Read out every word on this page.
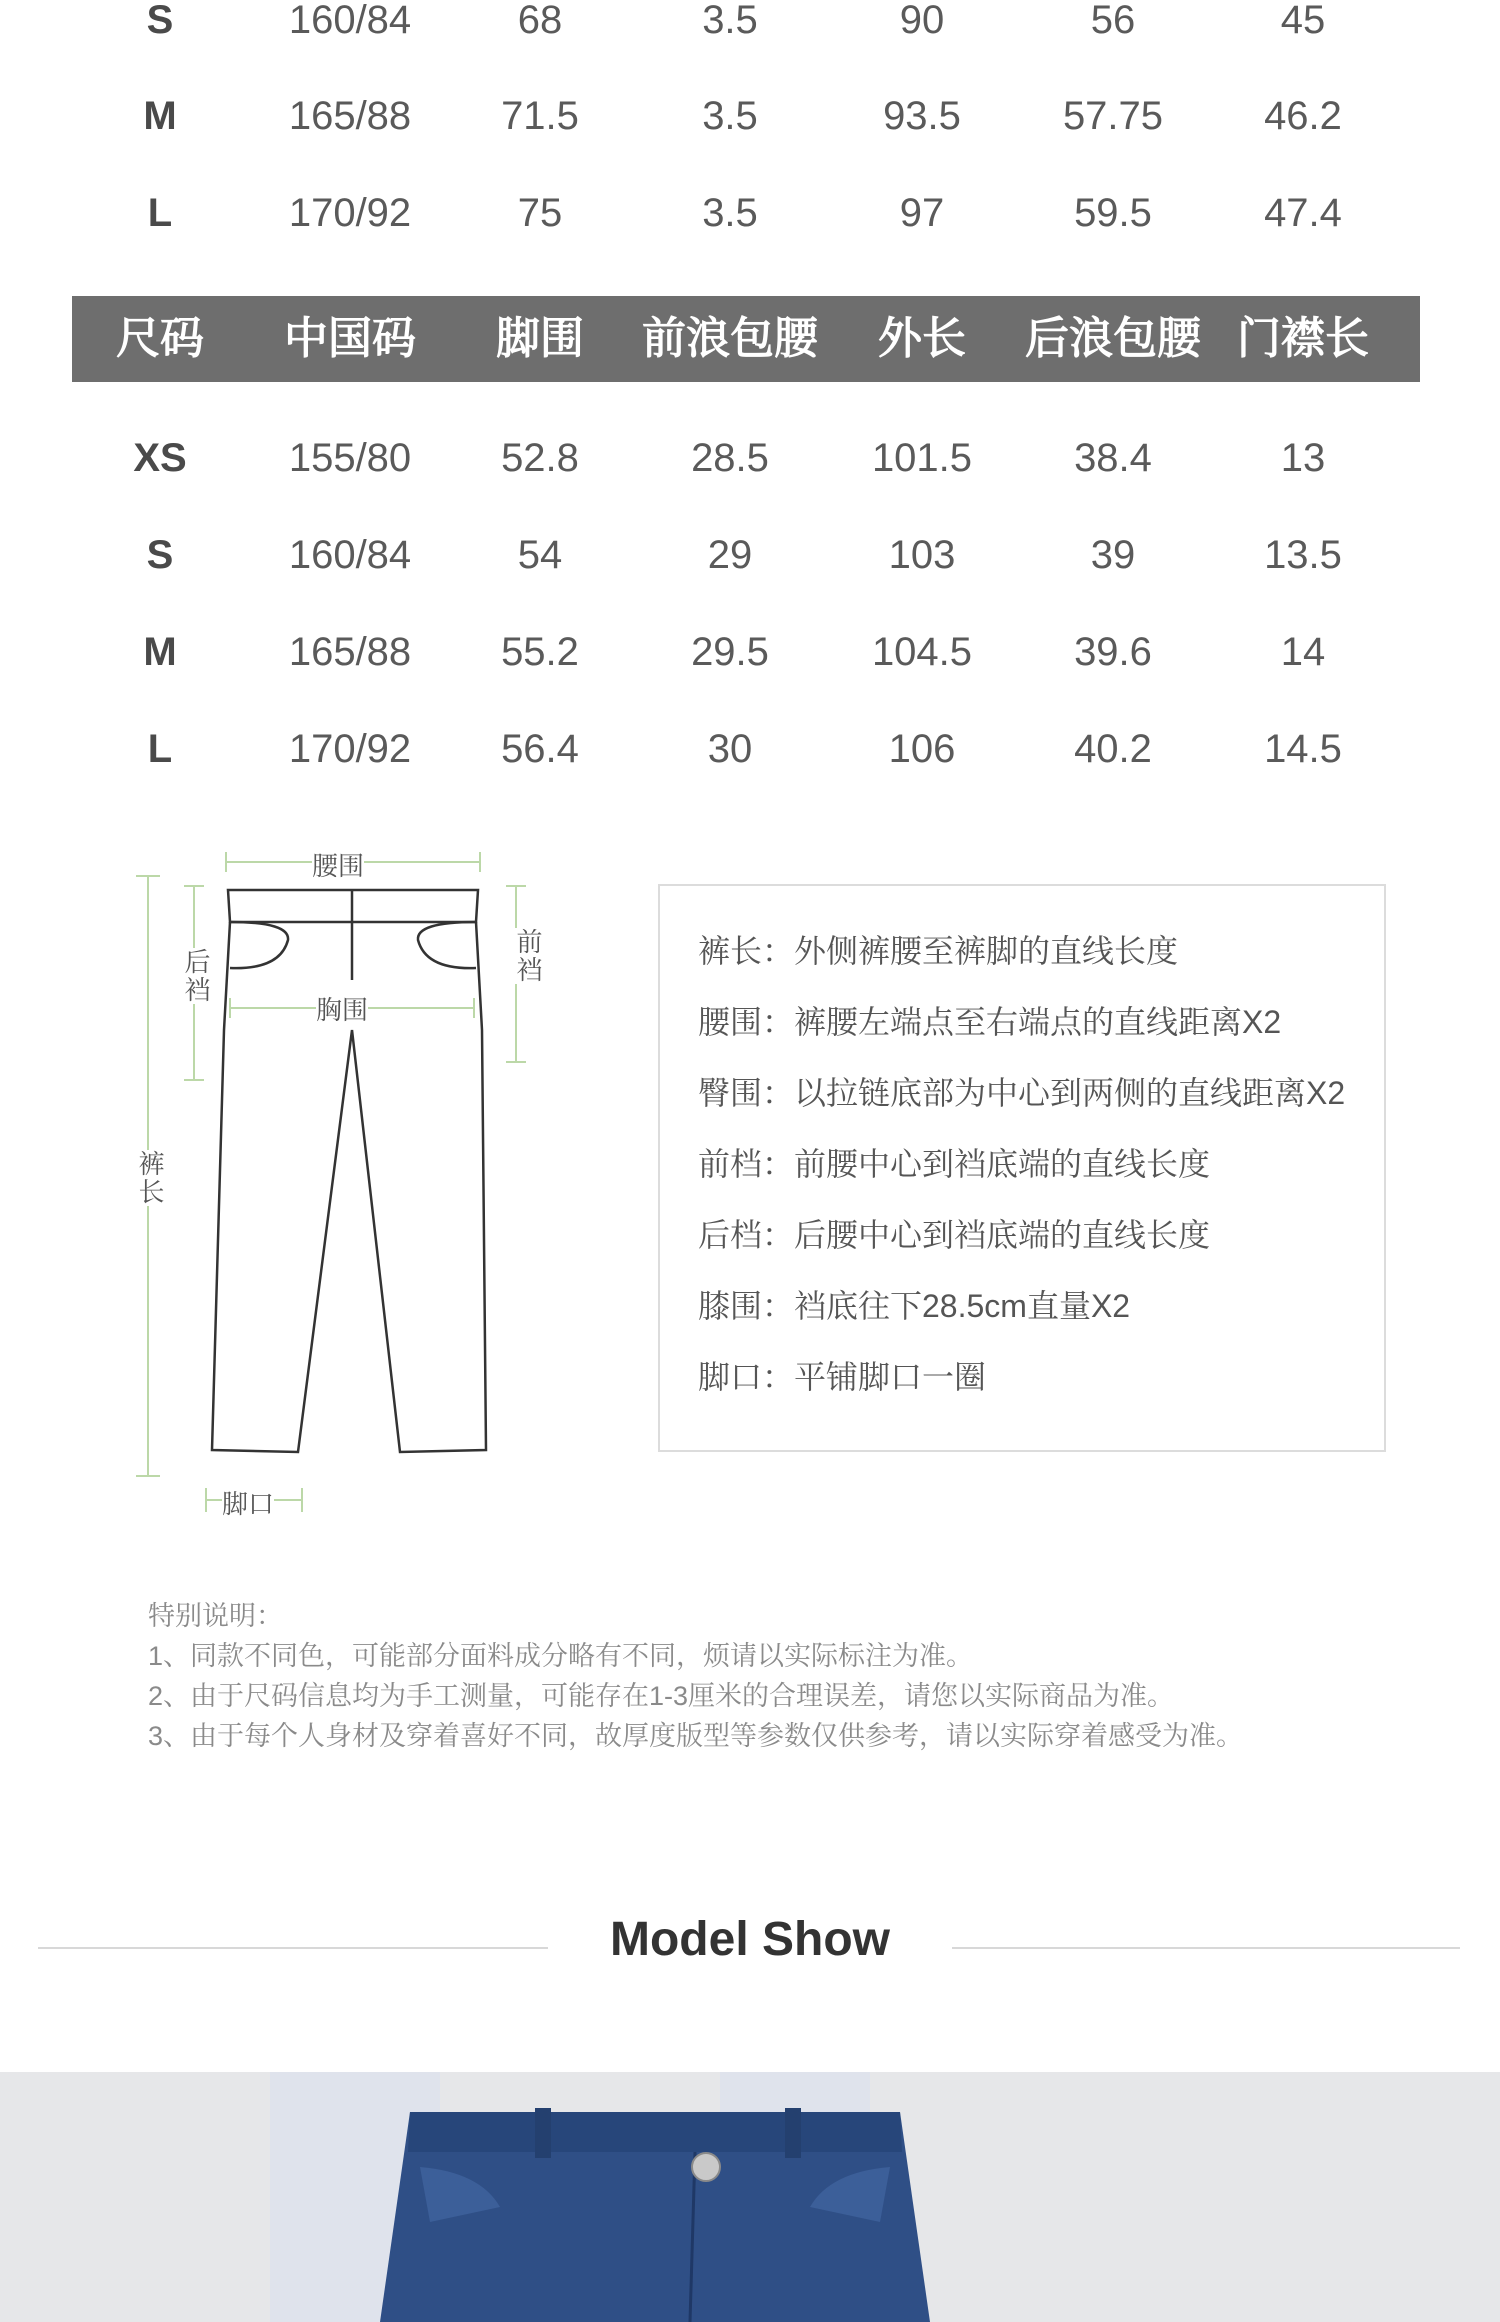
S	160/84	68	3.5	90	56	45
M	165/88	71.5	3.5	93.5	57.75	46.2
L	170/92	75	3.5	97	59.5	47.4
尺码	中国码	脚围	前浪包腰	外长	后浪包腰 门襟长
XS	155/80	52.8	28.5	101.5	38.4	13
S	160/84	54	29	103	39	13.5
M	165/88	55.2	29.5	104.5	39.6	14
L	170/92	56.4	30	106	40.2	14.5
腰围
胸围
后裆	前裆
裤长
脚口
裤长：外侧裤腰至裤脚的直线长度
腰围：裤腰左端点至右端点的直线距离X2
臀围：以拉链底部为中心到两侧的直线距离X2
前档：前腰中心到裆底端的直线长度
后档：后腰中心到裆底端的直线长度
膝围：裆底往下28.5cm直量X2
脚口：平铺脚口一圈
特别说明：
1、同款不同色，可能部分面料成分略有不同，烦请以实际标注为准。
2、由于尺码信息均为手工测量，可能存在1-3厘米的合理误差，请您以实际商品为准。
3、由于每个人身材及穿着喜好不同，故厚度版型等参数仅供参考，请以实际穿着感受为准。
Model Show
